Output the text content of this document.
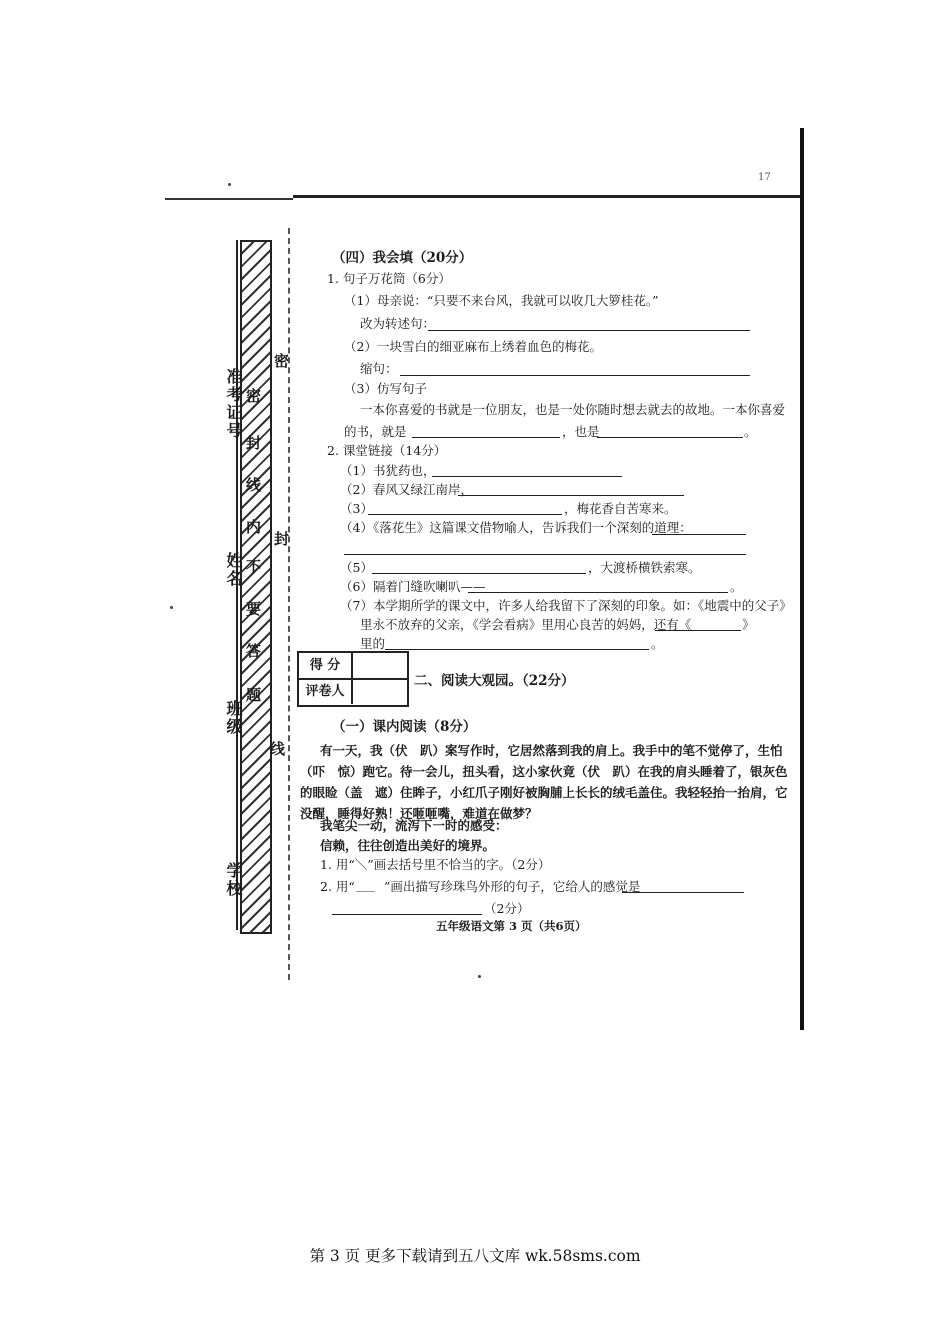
17
准考证号
姓名
班级
学校
密
封
线
内
不
要
答
题
密
封
线
（四）我会填（20分）
1. 句子万花筒（6分）
（1）母亲说：“只要不来台风，我就可以收几大箩桂花。”
改为转述句：
（2）一块雪白的细亚麻布上绣着血色的梅花。
缩句：
（3）仿写句子
一本你喜爱的书就是一位朋友，也是一处你随时想去就去的故地。一本你喜爱
的书，就是	，也是	。
2. 课堂链接（14分）
（1）书犹药也，
（2）春风又绿江南岸，
（3）	，梅花香自苦寒来。
（4）《落花生》这篇课文借物喻人，告诉我们一个深刻的道理：
（5）	，大渡桥横铁索寒。
（6）隔着门缝吹喇叭——	。
（7）本学期所学的课文中，许多人给我留下了深刻的印象。如：《地震中的父子》
里永不放弃的父亲，《学会看病》里用心良苦的妈妈，还有《	》
里的	。
得 分
评卷人
二、阅读大观园。（22分）
（一）课内阅读（8分）
有一天，我（伏　趴）案写作时，它居然落到我的肩上。我手中的笔不觉停了，生怕
（吓　惊）跑它。待一会儿，扭头看，这小家伙竟（伏　趴）在我的肩头睡着了，银灰色
的眼睑（盖　遮）住眸子，小红爪子刚好被胸脯上长长的绒毛盖住。我轻轻抬一抬肩，它
没醒，睡得好熟！还咂咂嘴，难道在做梦？
我笔尖一动，流泻下一时的感受：
信赖，往往创造出美好的境界。
1. 用“＼”画去括号里不恰当的字。（2分）
2. 用“ ___ ”画出描写珍珠鸟外形的句子，它给人的感觉是
（2分）
五年级语文第 3 页（共6页）
第 3 页 更多下载请到五八文库 wk.58sms.com
